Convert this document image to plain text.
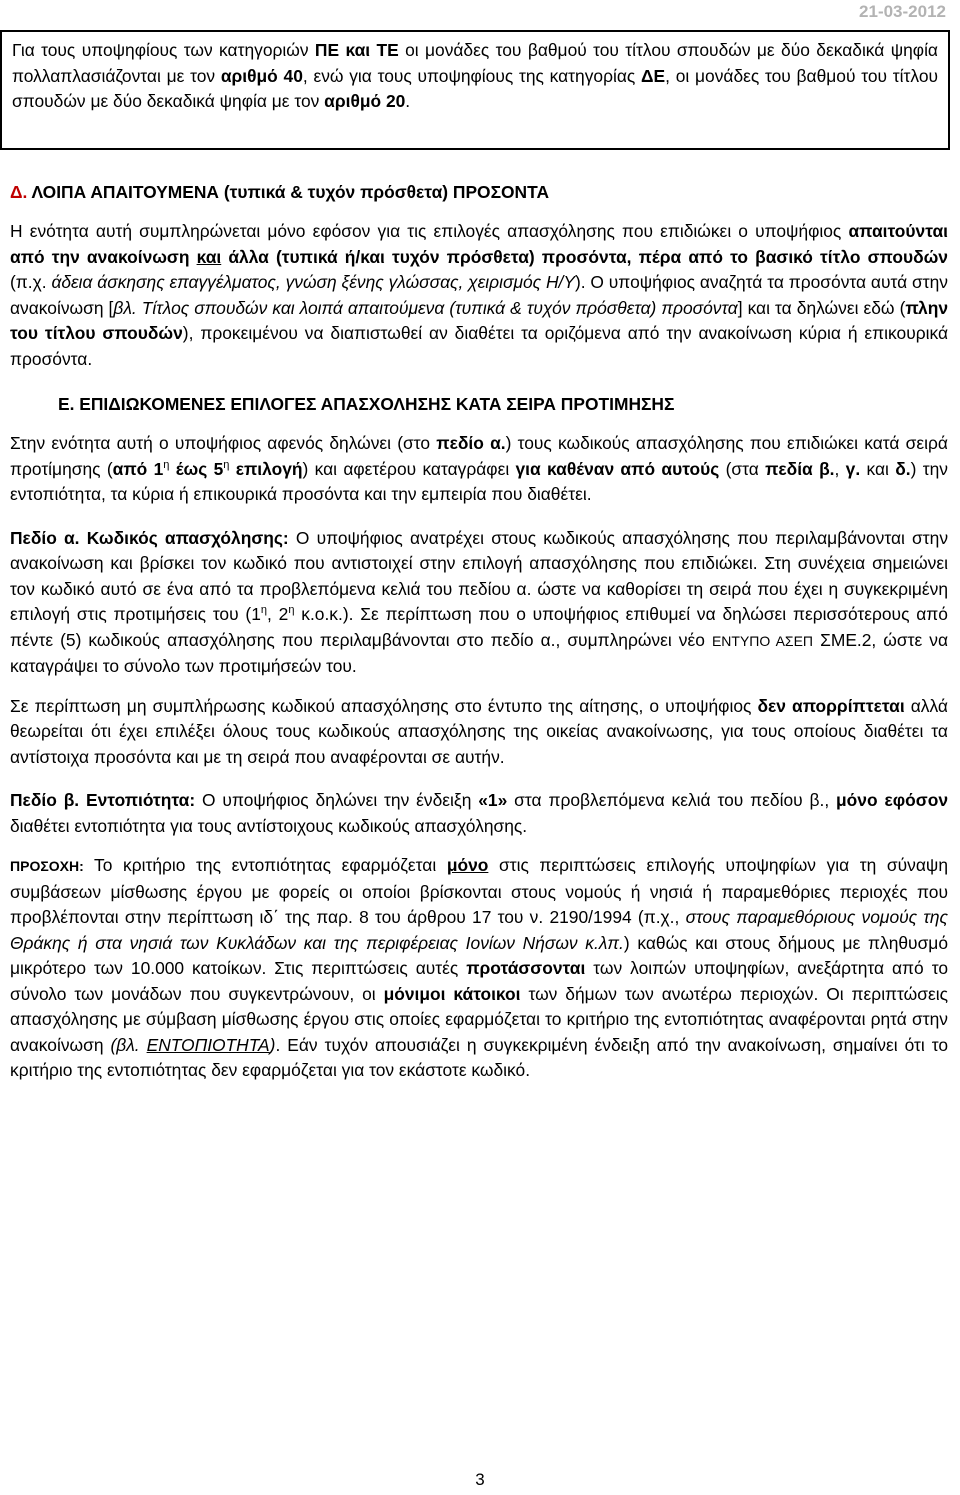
21-03-2012

Για τους υποψηφίους των κατηγοριών ΠΕ και ΤΕ οι μονάδες του βαθμού του τίτλου σπουδών με δύο δεκαδικά ψηφία πολλαπλασιάζονται με τον αριθμό 40, ενώ για τους υποψηφίους της κατηγορίας ΔΕ, οι μονάδες του βαθμού του τίτλου σπουδών με δύο δεκαδικά ψηφία με τον αριθμό 20.

Δ. ΛΟΙΠΑ ΑΠΑΙΤΟΥΜΕΝΑ (τυπικά & τυχόν πρόσθετα) ΠΡΟΣΟΝΤΑ

Η ενότητα αυτή συμπληρώνεται μόνο εφόσον για τις επιλογές απασχόλησης που επιδιώκει ο υποψήφιος απαιτούνται από την ανακοίνωση και άλλα (τυπικά ή/και τυχόν πρόσθετα) προσόντα, πέρα από το βασικό τίτλο σπουδών (π.χ. άδεια άσκησης επαγγέλματος, γνώση ξένης γλώσσας, χειρισμός Η/Υ). Ο υποψήφιος αναζητά τα προσόντα αυτά στην ανακοίνωση [βλ. Τίτλος σπουδών και λοιπά απαιτούμενα (τυπικά & τυχόν πρόσθετα) προσόντα] και τα δηλώνει εδώ (πλην του τίτλου σπουδών), προκειμένου να διαπιστωθεί αν διαθέτει τα οριζόμενα από την ανακοίνωση κύρια ή επικουρικά προσόντα.

Ε. ΕΠΙΔΙΩΚΟΜΕΝΕΣ ΕΠΙΛΟΓΕΣ ΑΠΑΣΧΟΛΗΣΗΣ ΚΑΤΑ ΣΕΙΡΑ ΠΡΟΤΙΜΗΣΗΣ

Στην ενότητα αυτή ο υποψήφιος αφενός δηλώνει (στο πεδίο α.) τους κωδικούς απασχόλησης που επιδιώκει κατά σειρά προτίμησης (από $1^\eta$ έως $5^\eta$ επιλογή) και αφετέρου καταγράφει για καθέναν από αυτούς (στα πεδία β., γ. και δ.) την εντοπιότητα, τα κύρια ή επικουρικά προσόντα και την εμπειρία που διαθέτει.

Πεδίο α. Κωδικός απασχόλησης: Ο υποψήφιος ανατρέχει στους κωδικούς απασχόλησης που περιλαμβάνονται στην ανακοίνωση και βρίσκει τον κωδικό που αντιστοιχεί στην επιλογή απασχόλησης που επιδιώκει. Στη συνέχεια σημειώνει τον κωδικό αυτό σε ένα από τα προβλεπόμενα κελιά του πεδίου α. ώστε να καθορίσει τη σειρά που έχει η συγκεκριμένη επιλογή στις προτιμήσεις του ($1^\eta$, $2^\eta$ κ.ο.κ.). Σε περίπτωση που ο υποψήφιος επιθυμεί να δηλώσει περισσότερους από πέντε (5) κωδικούς απασχόλησης που περιλαμβάνονται στο πεδίο α., συμπληρώνει νέο ΕΝΤΥΠΟ ΑΣΕΠ ΣΜΕ.2, ώστε να καταγράψει το σύνολο των προτιμήσεών του.

Σε περίπτωση μη συμπλήρωσης κωδικού απασχόλησης στο έντυπο της αίτησης, ο υποψήφιος δεν απορρίπτεται αλλά θεωρείται ότι έχει επιλέξει όλους τους κωδικούς απασχόλησης της οικείας ανακοίνωσης, για τους οποίους διαθέτει τα αντίστοιχα προσόντα και με τη σειρά που αναφέρονται σε αυτήν.

Πεδίο β. Εντοπιότητα: Ο υποψήφιος δηλώνει την ένδειξη «1» στα προβλεπόμενα κελιά του πεδίου β., μόνο εφόσον διαθέτει εντοπιότητα για τους αντίστοιχους κωδικούς απασχόλησης.

ΠΡΟΣΟΧΗ: Το κριτήριο της εντοπιότητας εφαρμόζεται μόνο στις περιπτώσεις επιλογής υποψηφίων για τη σύναψη συμβάσεων μίσθωσης έργου με φορείς οι οποίοι βρίσκονται στους νομούς ή νησιά ή παραμεθόριες περιοχές που προβλέπονται στην περίπτωση ιδ΄ της παρ. 8 του άρθρου 17 του ν. 2190/1994 (π.χ., στους παραμεθόριους νομούς της Θράκης ή στα νησιά των Κυκλάδων και της περιφέρειας Ιονίων Νήσων κ.λπ.) καθώς και στους δήμους με πληθυσμό μικρότερο των 10.000 κατοίκων. Στις περιπτώσεις αυτές προτάσσονται των λοιπών υποψηφίων, ανεξάρτητα από το σύνολο των μονάδων που συγκεντρώνουν, οι μόνιμοι κάτοικοι των δήμων των ανωτέρω περιοχών. Οι περιπτώσεις απασχόλησης με σύμβαση μίσθωσης έργου στις οποίες εφαρμόζεται το κριτήριο της εντοπιότητας αναφέρονται ρητά στην ανακοίνωση (βλ. ΕΝΤΟΠΙΟΤΗΤΑ). Εάν τυχόν απουσιάζει η συγκεκριμένη ένδειξη από την ανακοίνωση, σημαίνει ότι το κριτήριο της εντοπιότητας δεν εφαρμόζεται για τον εκάστοτε κωδικό.

3
